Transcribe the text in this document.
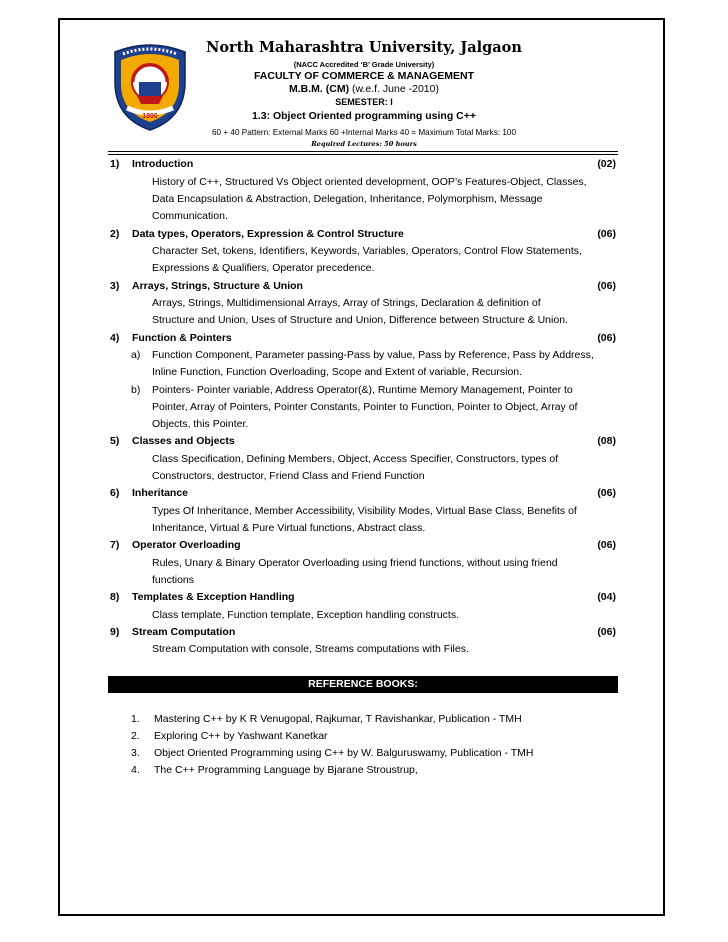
1990
North Maharashtra University, Jalgaon
(NACC Accredited ‘B’ Grade University)
FACULTY OF COMMERCE & MANAGEMENT
M.B.M. (CM) (w.e.f. June -2010)
SEMESTER: I
1.3: Object Oriented programming using C++
60 + 40 Pattern: External Marks 60 +Internal Marks 40 = Maximum Total Marks: 100
Required Lectures: 50 hours
1) Introduction	(02)
History of C++, Structured Vs Object oriented development, OOP’s Features-Object, Classes,
Data Encapsulation & Abstraction, Delegation, Inheritance, Polymorphism, Message
Communication.
2) Data types, Operators, Expression & Control Structure	(06)
Character Set, tokens, Identifiers, Keywords, Variables, Operators, Control Flow Statements,
Expressions & Qualifiers, Operator precedence.
3) Arrays, Strings, Structure & Union	(06)
Arrays, Strings, Multidimensional Arrays, Array of Strings, Declaration & definition of
Structure and Union, Uses of Structure and Union, Difference between Structure & Union.
4) Function & Pointers	(06)
a) Function Component, Parameter passing-Pass by value, Pass by Reference, Pass by Address,
Inline Function, Function Overloading, Scope and Extent of variable, Recursion.
b) Pointers- Pointer variable, Address Operator(&), Runtime Memory Management, Pointer to
Pointer, Array of Pointers, Pointer Constants, Pointer to Function, Pointer to Object, Array of
Objects, this Pointer.
5) Classes and Objects	(08)
Class Specification, Defining Members, Object, Access Specifier, Constructors, types of
Constructors, destructor, Friend Class and Friend Function
6) Inheritance	(06)
Types Of Inheritance, Member Accessibility, Visibility Modes, Virtual Base Class, Benefits of
Inheritance, Virtual & Pure Virtual functions, Abstract class.
7) Operator Overloading	(06)
Rules, Unary & Binary Operator Overloading using friend functions, without using friend
functions
8) Templates & Exception Handling	(04)
Class template, Function template, Exception handling constructs.
9) Stream Computation	(06)
Stream Computation with console, Streams computations with Files.
REFERENCE BOOKS:
1. Mastering C++ by K R Venugopal, Rajkumar, T Ravishankar, Publication - TMH
2. Exploring C++ by Yashwant Kanetkar
3. Object Oriented Programming using C++ by W. Balguruswamy, Publication - TMH
4. The C++ Programming Language by Bjarane Stroustrup,
